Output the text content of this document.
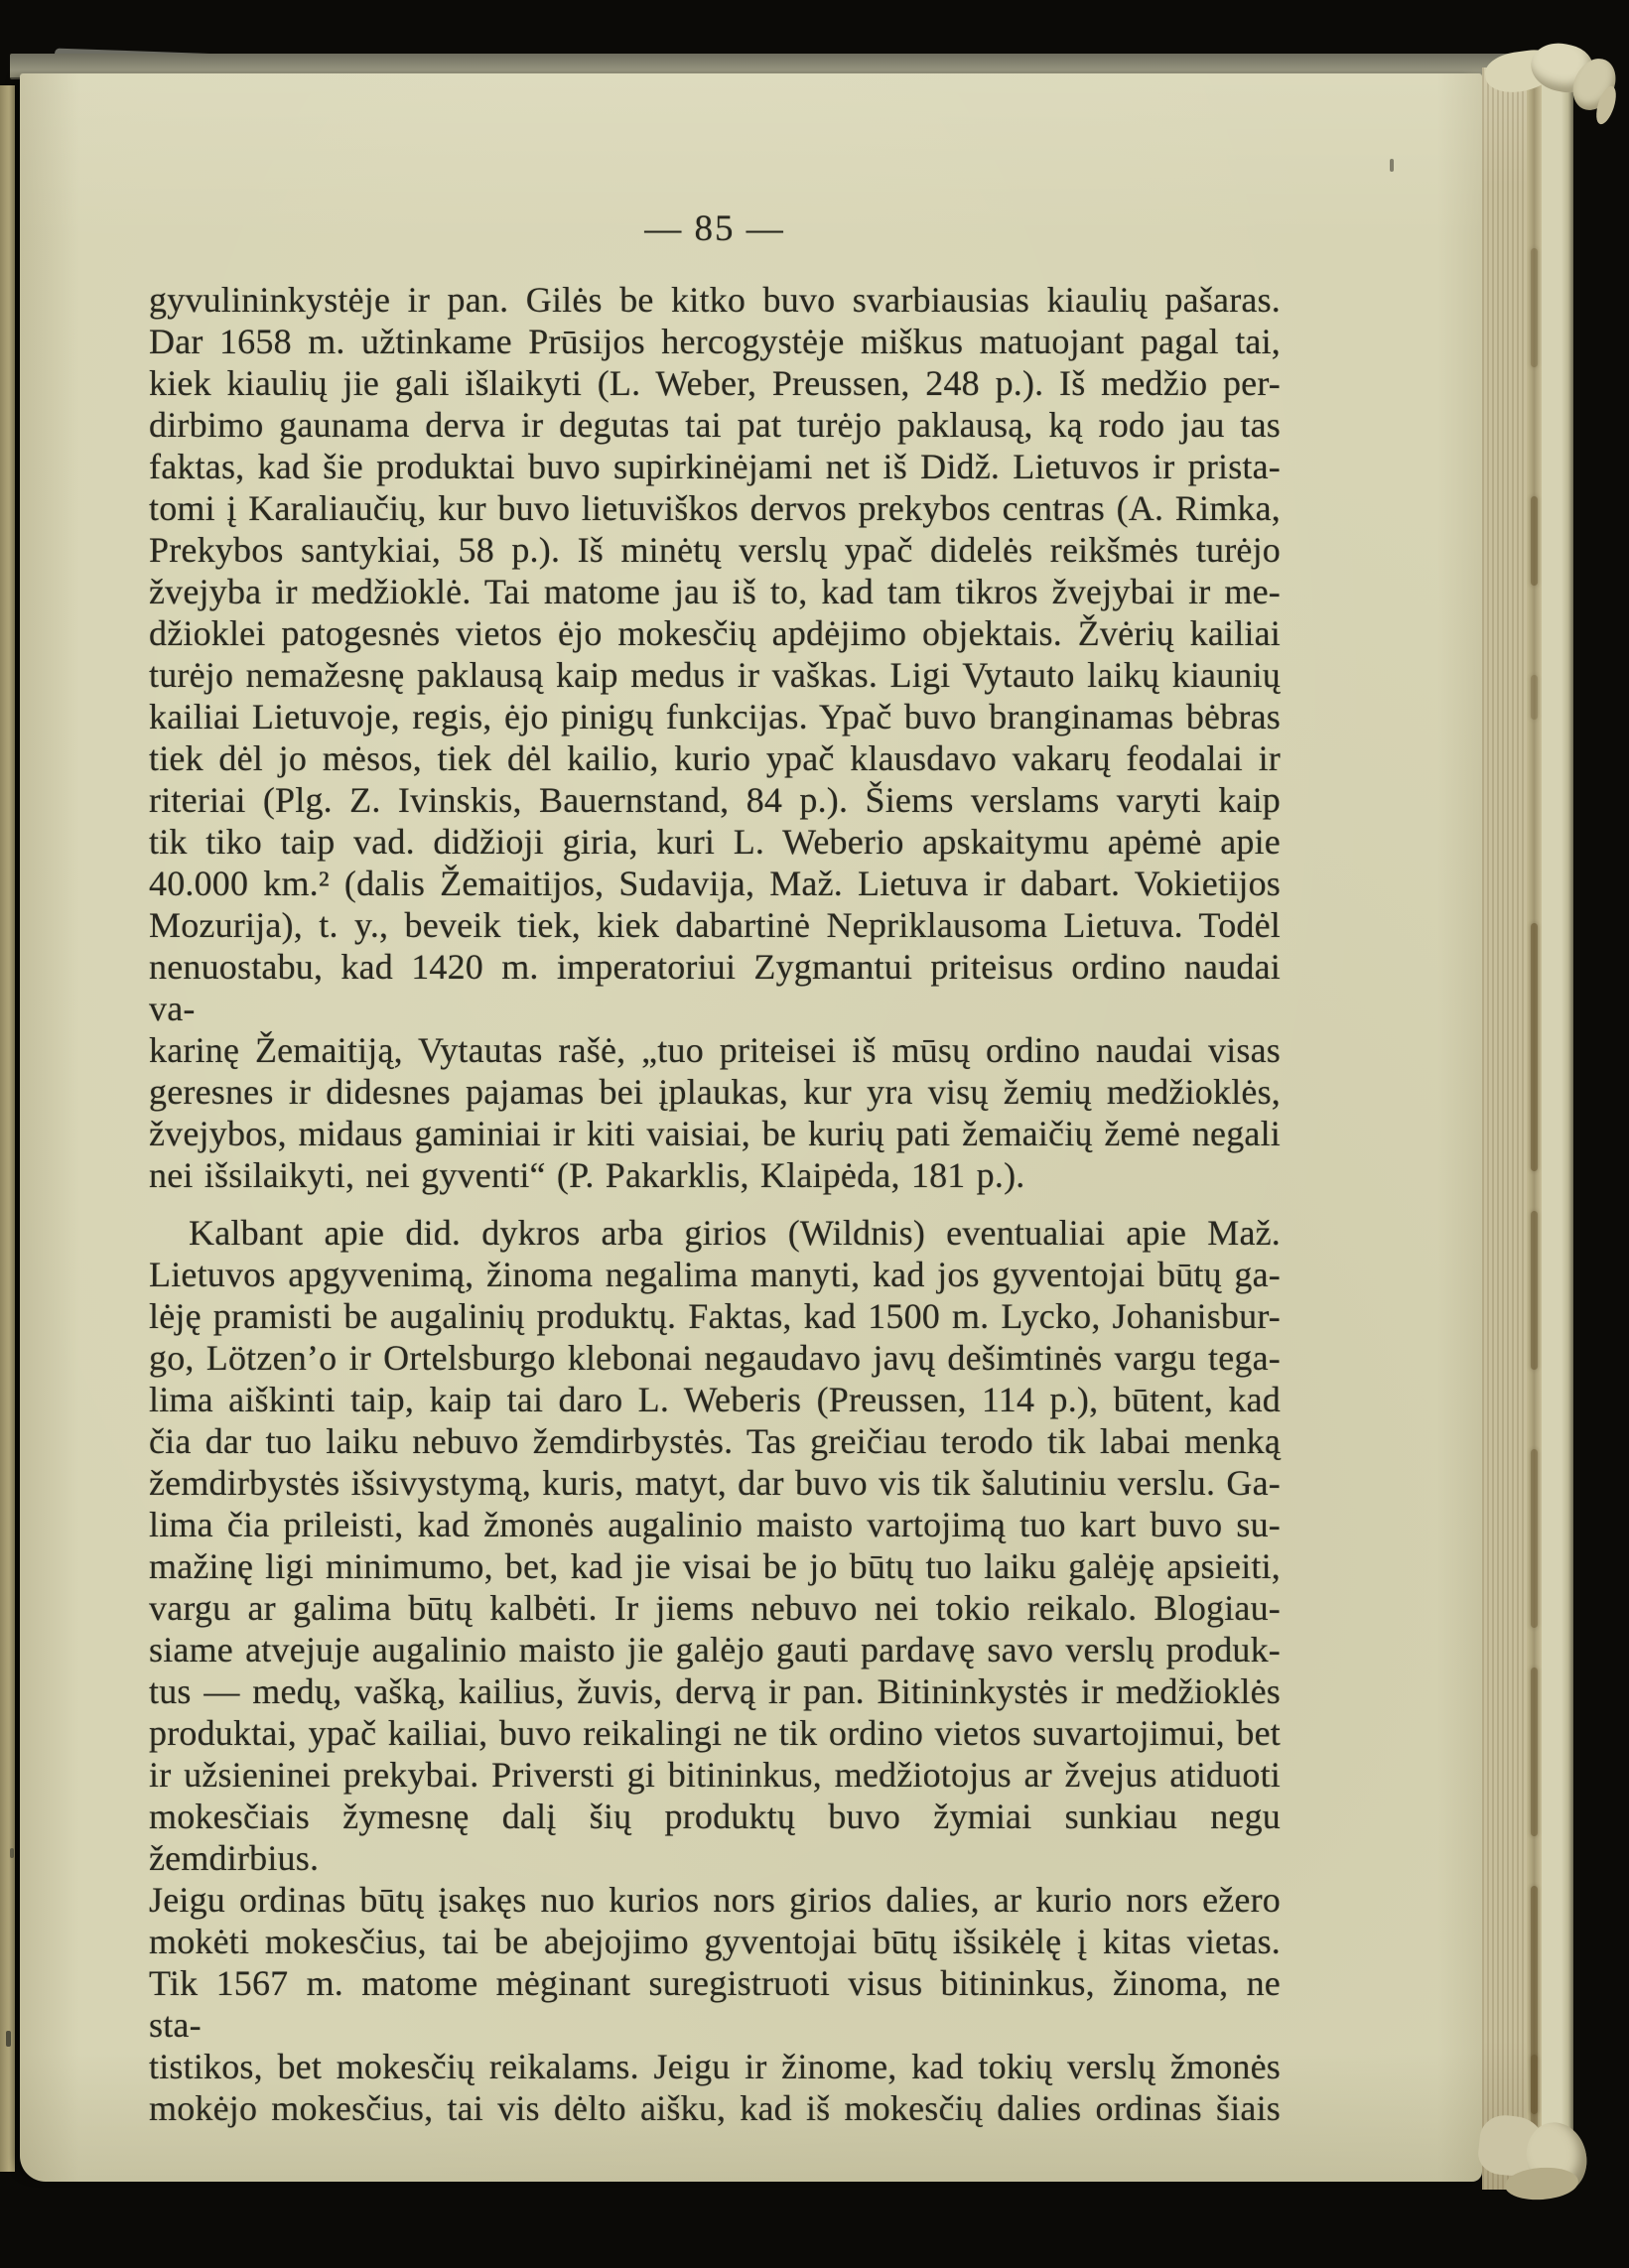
— 85 —
gyvulininkystėje ir pan. Gilės be kitko buvo svarbiausias kiaulių pašaras.
Dar 1658 m. užtinkame Prūsijos hercogystėje miškus matuojant pagal tai,
kiek kiaulių jie gali išlaikyti (L. Weber, Preussen, 248 p.). Iš medžio per-
dirbimo gaunama derva ir degutas tai pat turėjo paklausą, ką rodo jau tas
faktas, kad šie produktai buvo supirkinėjami net iš Didž. Lietuvos ir prista-
tomi į Karaliaučių, kur buvo lietuviškos dervos prekybos centras (A. Rimka,
Prekybos santykiai, 58 p.). Iš minėtų verslų ypač didelės reikšmės turėjo
žvejyba ir medžioklė. Tai matome jau iš to, kad tam tikros žvejybai ir me-
džioklei patogesnės vietos ėjo mokesčių apdėjimo objektais. Žvėrių kailiai
turėjo nemažesnę paklausą kaip medus ir vaškas. Ligi Vytauto laikų kiaunių
kailiai Lietuvoje, regis, ėjo pinigų funkcijas. Ypač buvo branginamas bėbras
tiek dėl jo mėsos, tiek dėl kailio, kurio ypač klausdavo vakarų feodalai ir
riteriai (Plg. Z. Ivinskis, Bauernstand, 84 p.). Šiems verslams varyti kaip
tik tiko taip vad. didžioji giria, kuri L. Weberio apskaitymu apėmė apie
40.000 km.² (dalis Žemaitijos, Sudavija, Maž. Lietuva ir dabart. Vokietijos
Mozurija), t. y., beveik tiek, kiek dabartinė Nepriklausoma Lietuva. Todėl
nenuostabu, kad 1420 m. imperatoriui Zygmantui priteisus ordino naudai va-
karinę Žemaitiją, Vytautas rašė, „tuo priteisei iš mūsų ordino naudai visas
geresnes ir didesnes pajamas bei įplaukas, kur yra visų žemių medžioklės,
žvejybos, midaus gaminiai ir kiti vaisiai, be kurių pati žemaičių žemė negali
nei išsilaikyti, nei gyventi“ (P. Pakarklis, Klaipėda, 181 p.).
Kalbant apie did. dykros arba girios (Wildnis) eventualiai apie Maž.
Lietuvos apgyvenimą, žinoma negalima manyti, kad jos gyventojai būtų ga-
lėję pramisti be augalinių produktų. Faktas, kad 1500 m. Lycko, Johanisbur-
go, Lötzen’o ir Ortelsburgo klebonai negaudavo javų dešimtinės vargu tega-
lima aiškinti taip, kaip tai daro L. Weberis (Preussen, 114 p.), būtent, kad
čia dar tuo laiku nebuvo žemdirbystės. Tas greičiau terodo tik labai menką
žemdirbystės išsivystymą, kuris, matyt, dar buvo vis tik šalutiniu verslu. Ga-
lima čia prileisti, kad žmonės augalinio maisto vartojimą tuo kart buvo su-
mažinę ligi minimumo, bet, kad jie visai be jo būtų tuo laiku galėję apsieiti,
vargu ar galima būtų kalbėti. Ir jiems nebuvo nei tokio reikalo. Blogiau-
siame atvejuje augalinio maisto jie galėjo gauti pardavę savo verslų produk-
tus — medų, vašką, kailius, žuvis, dervą ir pan. Bitininkystės ir medžioklės
produktai, ypač kailiai, buvo reikalingi ne tik ordino vietos suvartojimui, bet
ir užsieninei prekybai. Priversti gi bitininkus, medžiotojus ar žvejus atiduoti
mokesčiais žymesnę dalį šių produktų buvo žymiai sunkiau negu žemdirbius.
Jeigu ordinas būtų įsakęs nuo kurios nors girios dalies, ar kurio nors ežero
mokėti mokesčius, tai be abejojimo gyventojai būtų išsikėlę į kitas vietas.
Tik 1567 m. matome mėginant suregistruoti visus bitininkus, žinoma, ne sta-
tistikos, bet mokesčių reikalams. Jeigu ir žinome, kad tokių verslų žmonės
mokėjo mokesčius, tai vis dėlto aišku, kad iš mokesčių dalies ordinas šiais
